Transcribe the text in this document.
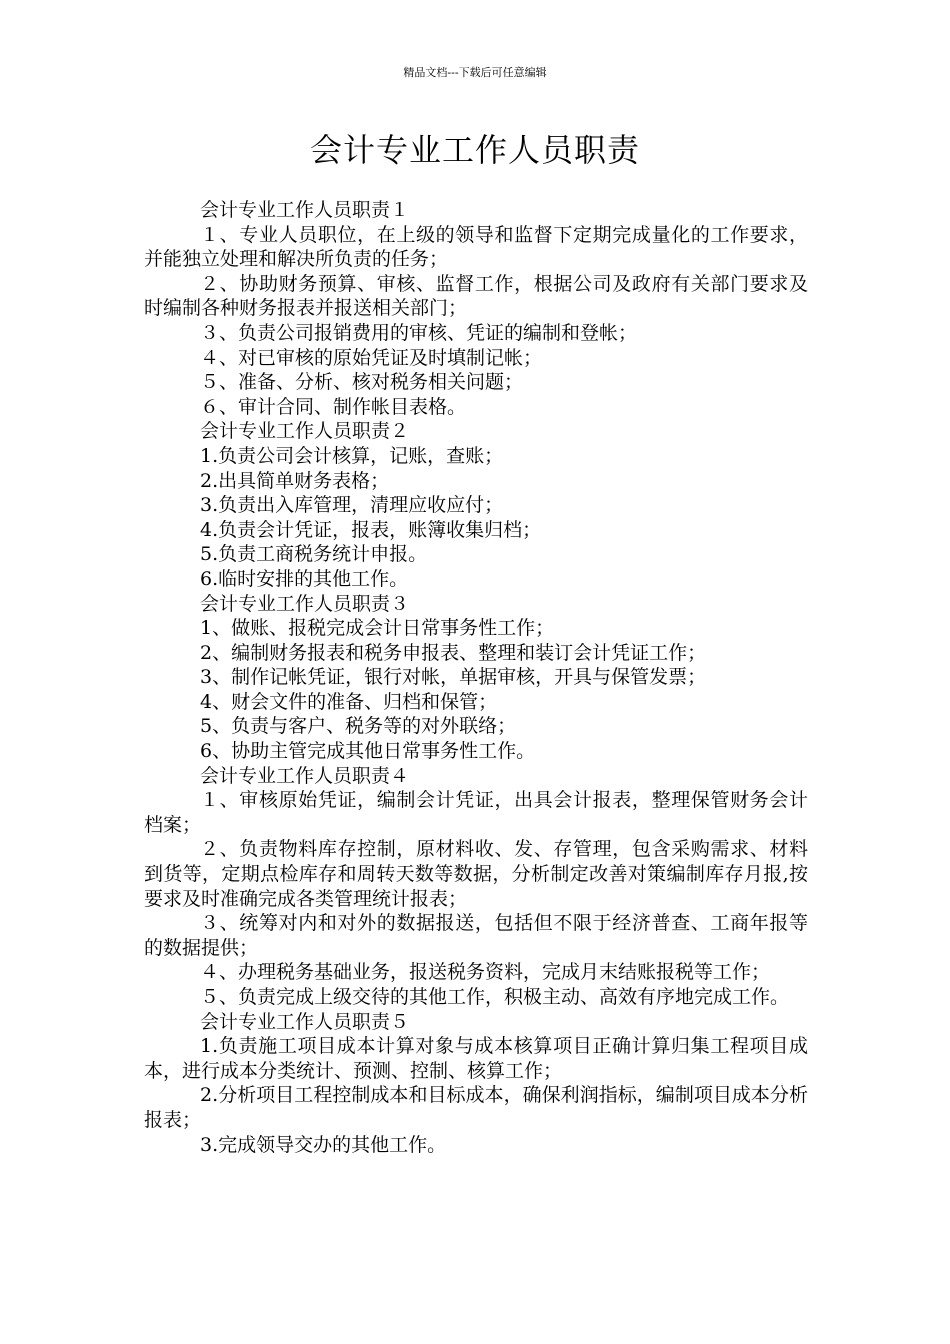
精品文档---下载后可任意编辑
会计专业工作人员职责

会计专业工作人员职责１

１、专业人员职位，在上级的领导和监督下定期完成量化的工作要求，并能独立处理和解决所负责的任务；

２、协助财务预算、审核、监督工作，根据公司及政府有关部门要求及时编制各种财务报表并报送相关部门；

３、负责公司报销费用的审核、凭证的编制和登帐；

４、对已审核的原始凭证及时填制记帐；

５、准备、分析、核对税务相关问题；

６、审计合同、制作帐目表格。

会计专业工作人员职责２

1.负责公司会计核算，记账，查账；

2.出具简单财务表格；

3.负责出入库管理，清理应收应付；

4.负责会计凭证，报表，账簿收集归档；

5.负责工商税务统计申报。

6.临时安排的其他工作。

会计专业工作人员职责３

1、做账、报税完成会计日常事务性工作；

2、编制财务报表和税务申报表、整理和装订会计凭证工作；

3、制作记帐凭证，银行对帐，单据审核，开具与保管发票；

4、财会文件的准备、归档和保管；

5、负责与客户、税务等的对外联络；

6、协助主管完成其他日常事务性工作。

会计专业工作人员职责４

１、审核原始凭证，编制会计凭证，出具会计报表，整理保管财务会计档案；

２、负责物料库存控制，原材料收、发、存管理，包含采购需求、材料到货等，定期点检库存和周转天数等数据，分析制定改善对策编制库存月报,按要求及时准确完成各类管理统计报表；

３、统筹对内和对外的数据报送，包括但不限于经济普查、工商年报等的数据提供；

４、办理税务基础业务，报送税务资料，完成月末结账报税等工作；

５、负责完成上级交待的其他工作，积极主动、高效有序地完成工作。

会计专业工作人员职责５

1.负责施工项目成本计算对象与成本核算项目正确计算归集工程项目成本，进行成本分类统计、预测、控制、核算工作；

2.分析项目工程控制成本和目标成本，确保利润指标，编制项目成本分析报表；

3.完成领导交办的其他工作。
